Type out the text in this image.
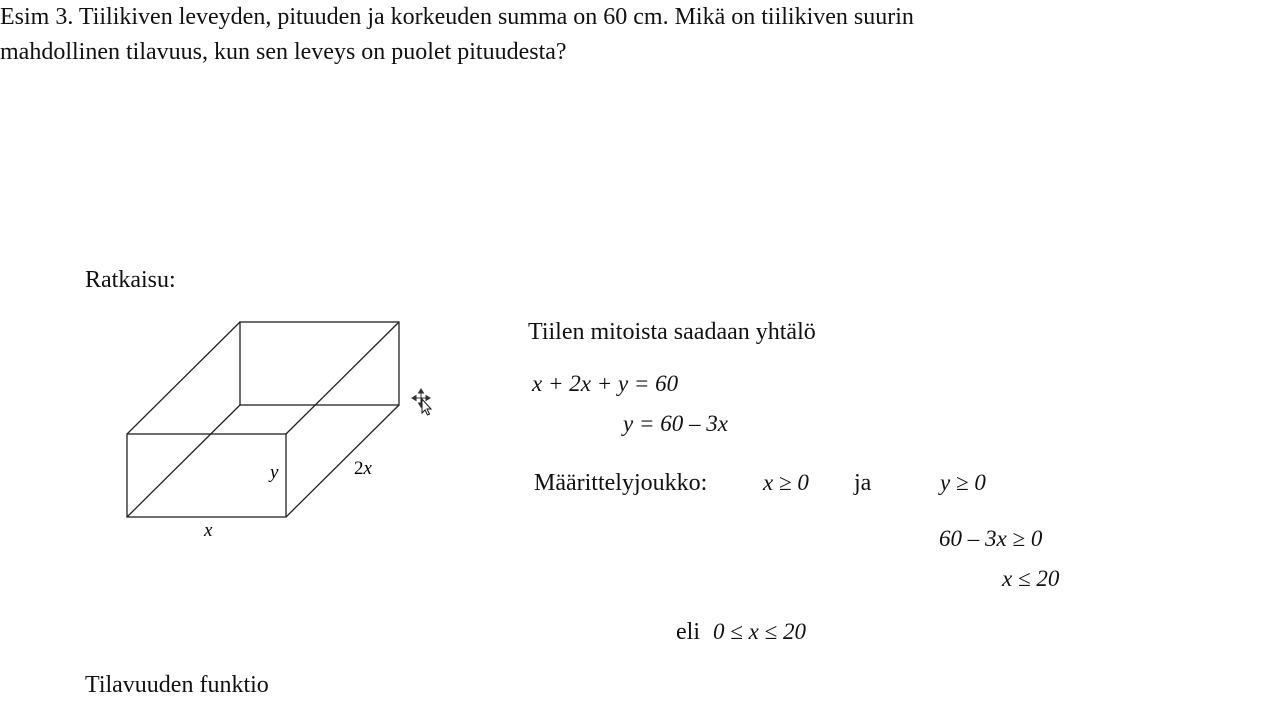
Esim 3. Tiilikiven leveyden, pituuden ja korkeuden summa on 60 cm. Mikä on tiilikiven suurin
mahdollinen tilavuus, kun sen leveys on puolet pituudesta?
Ratkaisu:
y	2x
x
Tiilen mitoista saadaan yhtälö
x + 2x + y = 60
y = 60 – 3x
Määrittelyjoukko: x ≥ 0 ja	y ≥ 0
60 – 3x ≥ 0
x ≤ 20
eli 0 ≤ x ≤ 20
Tilavuuden funktio
